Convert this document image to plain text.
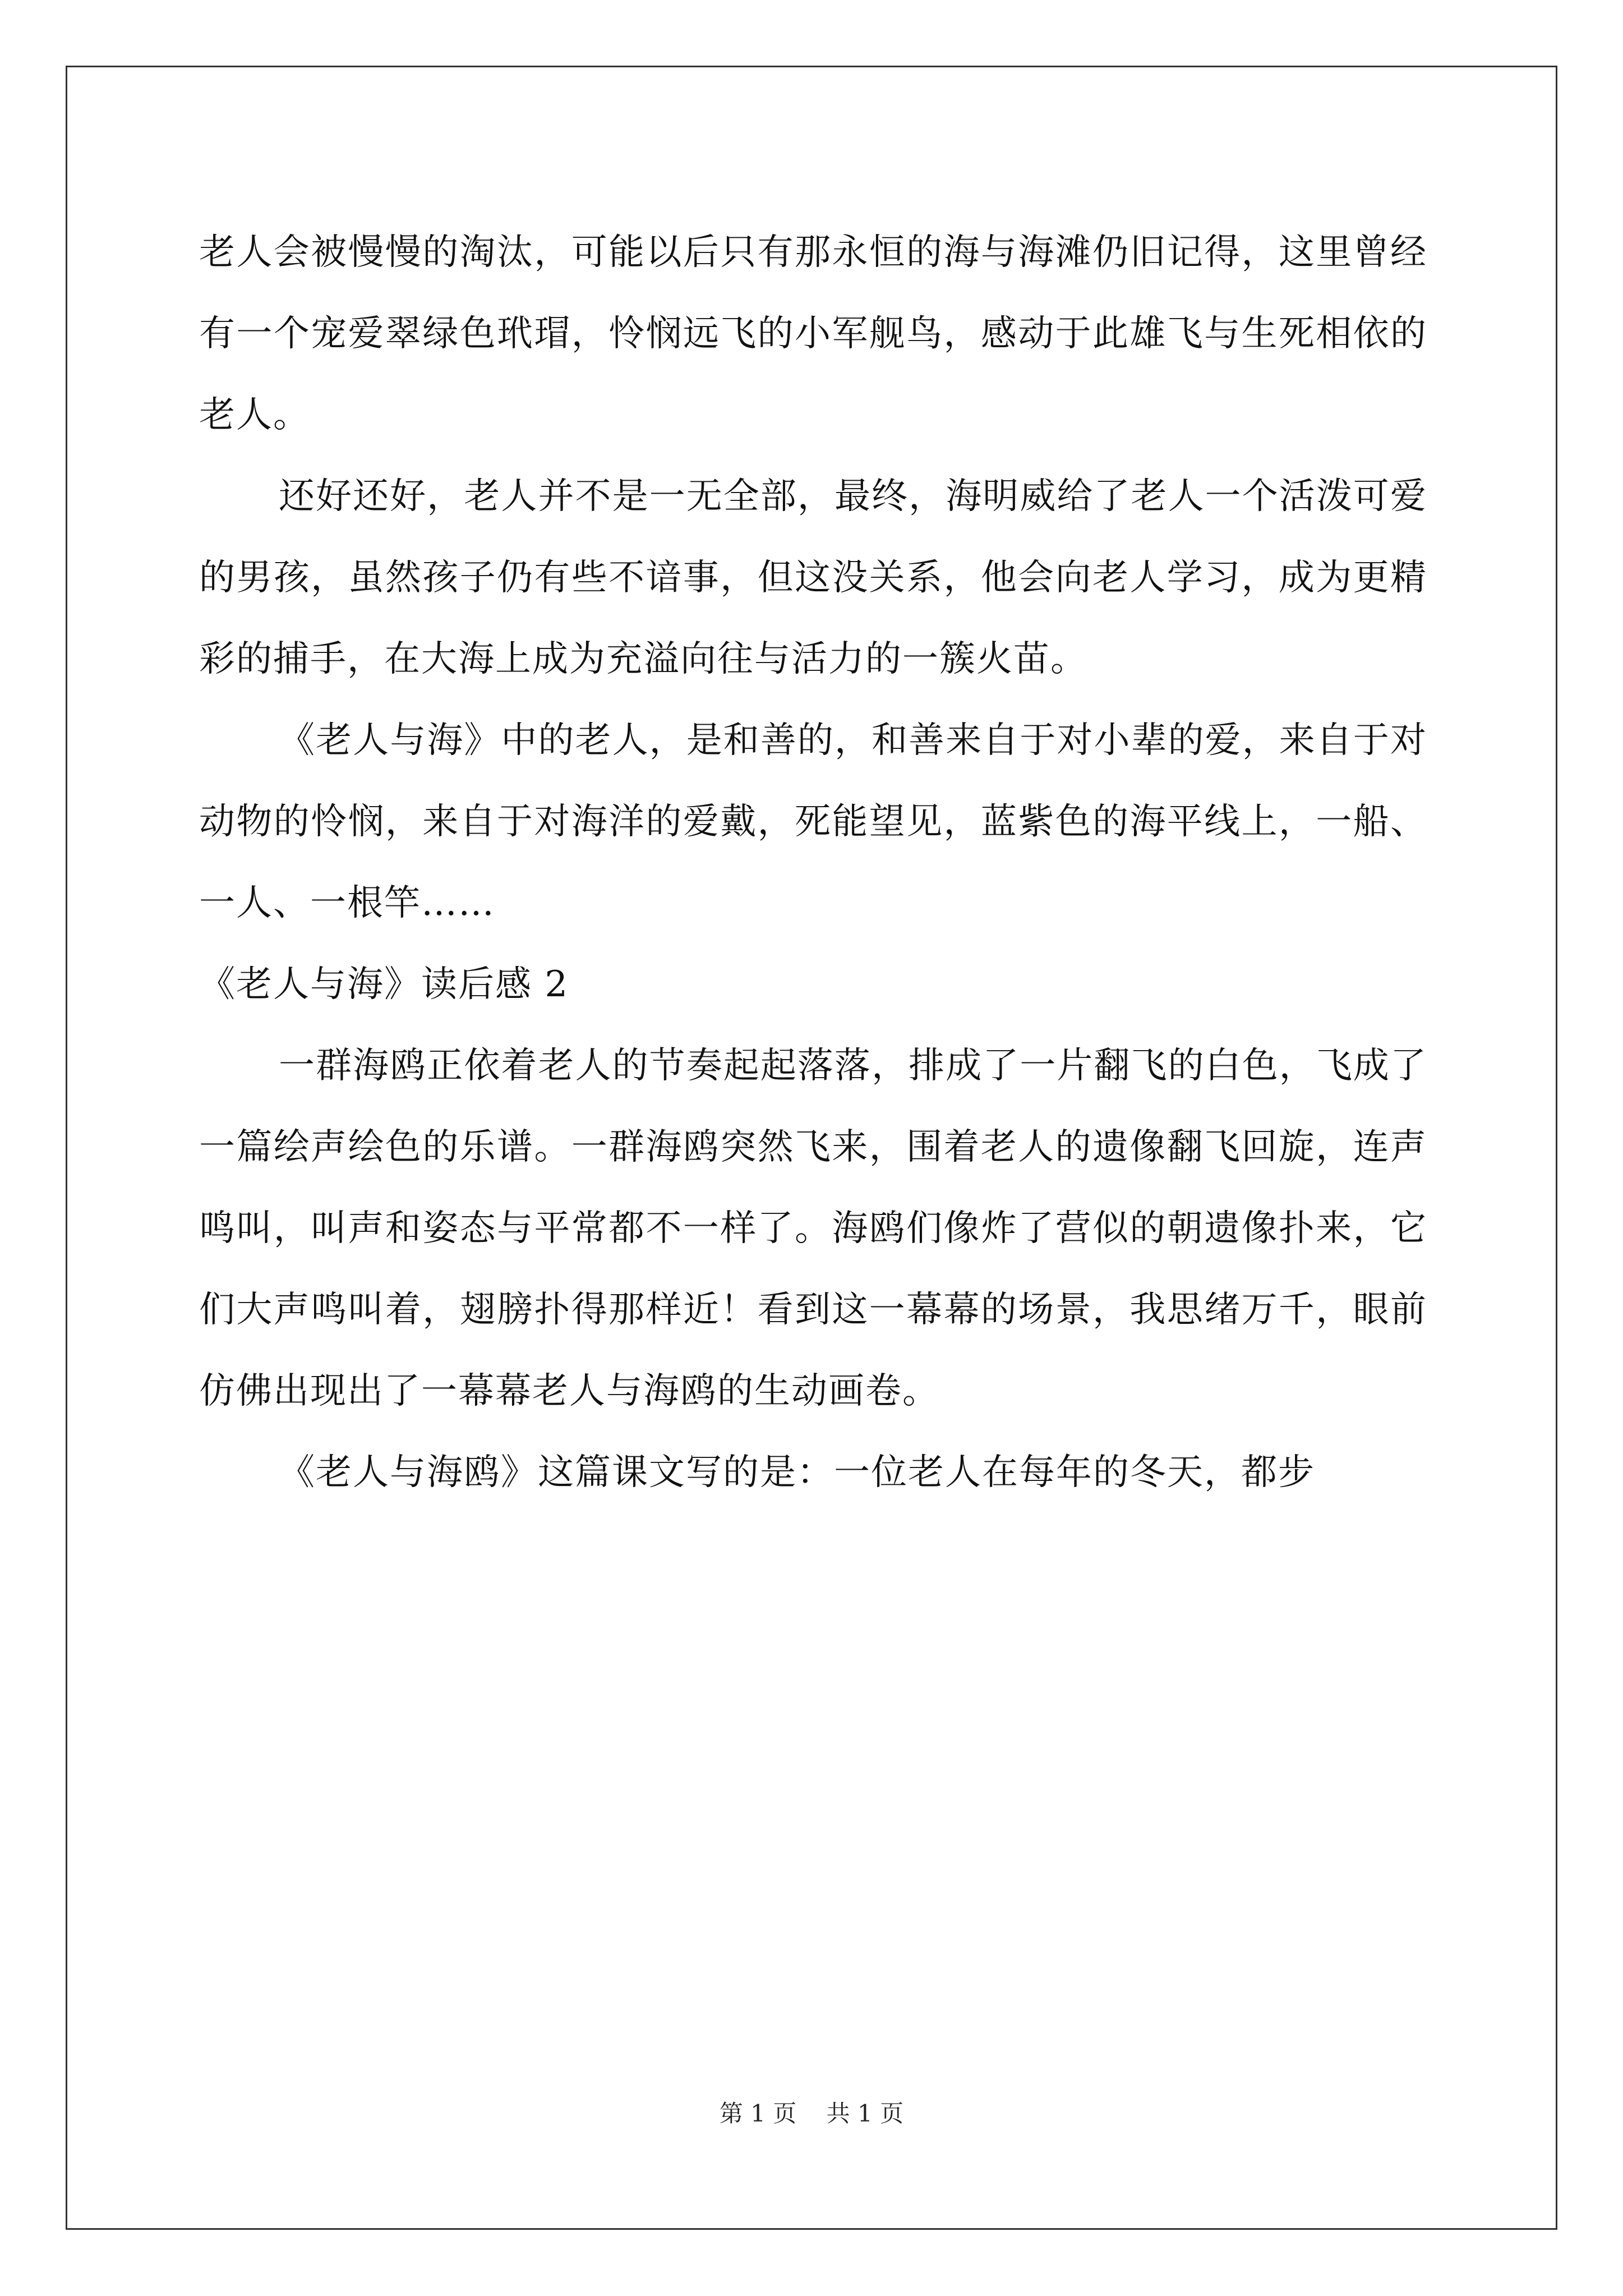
老人会被慢慢的淘汰，可能以后只有那永恒的海与海滩仍旧记得，这里曾经有一个宠爱翠绿色玳瑁，怜悯远飞的小军舰鸟，感动于此雄飞与生死相依的老人。

还好还好，老人并不是一无全部，最终，海明威给了老人一个活泼可爱的男孩，虽然孩子仍有些不谙事，但这没关系，他会向老人学习，成为更精彩的捕手，在大海上成为充溢向往与活力的一簇火苗。

《老人与海》中的老人，是和善的，和善来自于对小辈的爱，来自于对动物的怜悯，来自于对海洋的爱戴，死能望见，蓝紫色的海平线上，一船、一人、一根竿……

《老人与海》读后感 2

一群海鸥正依着老人的节奏起起落落，排成了一片翻飞的白色，飞成了一篇绘声绘色的乐谱。一群海鸥突然飞来，围着老人的遗像翻飞回旋，连声鸣叫，叫声和姿态与平常都不一样了。海鸥们像炸了营似的朝遗像扑来，它们大声鸣叫着，翅膀扑得那样近！看到这一幕幕的场景，我思绪万千，眼前仿佛出现出了一幕幕老人与海鸥的生动画卷。

《老人与海鸥》这篇课文写的是：一位老人在每年的冬天，都步

第 1 页 共 1 页
